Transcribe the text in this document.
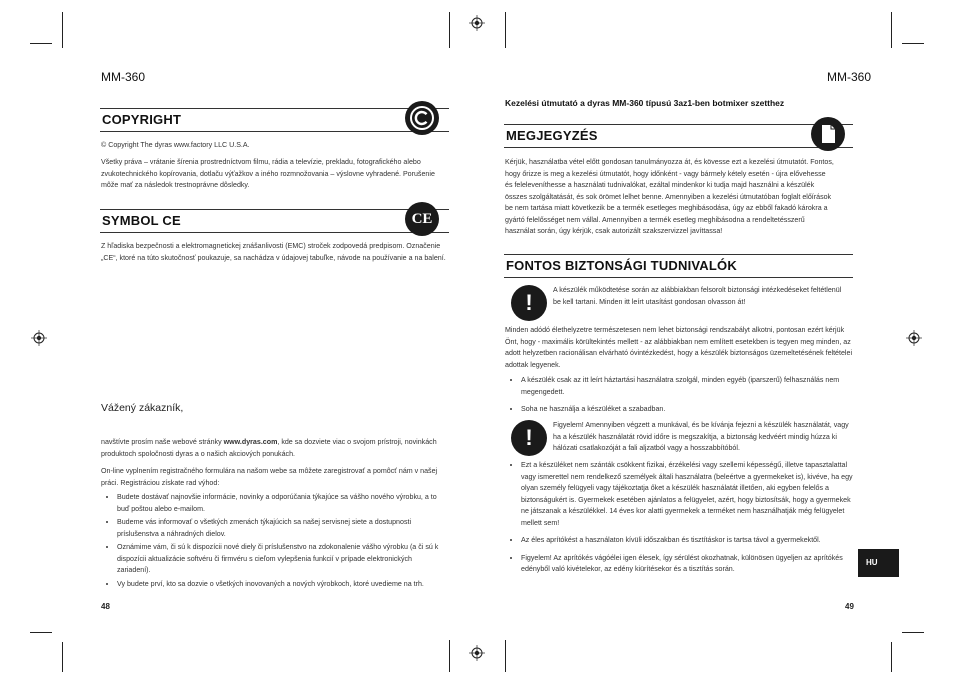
MM-360
COPYRIGHT

© Copyright The dyras www.factory LLC U.S.A.

Všetky práva – vrátanie šírenia prostredníctvom filmu, rádia a televízie, prekladu, fotografického alebo zvukotechnického kopírovania, dotlaču výťažkov a iného rozmnožovania – výslovne vyhradené. Porušenie môže mať za následok trestnoprávne dôsledky.

SYMBOL CE	CE

Z hľadiska bezpečnosti a elektromagnetickej znášanlivosti (EMC) stroček zodpovedá predpisom. Označenie „CE“, ktoré na túto skutočnosť poukazuje, sa nachádza v údajovej tabuľke, návode na používanie a na balení.

Vážený zákazník,

navštívte prosím naše webové stránky www.dyras.com, kde sa dozviete viac o svojom prístroji, novinkách produktoch spoločnosti dyras a o našich akciových ponukách.

On-line vyplnením registračného formulára na našom webe sa môžete zaregistrovať a pomôcť nám v našej práci. Registráciou získate rad výhod:

• Budete dostávať najnovšie informácie, novinky a odporúčania týkajúce sa vášho nového výrobku, a to buď poštou alebo e-mailom.
• Budeme vás informovať o všetkých zmenách týkajúcich sa našej servisnej siete a dostupnosti príslušenstva a náhradných dielov.
• Oznámime vám, či sú k dispozícii nové diely či príslušenstvo na zdokonalenie vášho výrobku (a či sú k dispozícii aktualizácie softvéru či firmvéru s cieľom vylepšenia funkcií v prípade elektronických zariadení).
• Vy budete prví, kto sa dozvie o všetkých inovovaných a nových výrobkoch, ktoré uvedieme na trh.
48
MM-360
Kezelési útmutató a dyras MM-360 típusú 3az1-ben botmixer szetthez
MEGJEGYZÉS

Kérjük, használatba vétel előtt gondosan tanulmányozza át, és kövesse ezt a kezelési útmutatót. Fontos, hogy őrizze is meg a kezelési útmutatót, hogy időnként - vagy bármely kétely esetén - újra elővehesse és feleleveníthesse a használati tudnivalókat, ezáltal mindenkor ki tudja majd használni a készülék összes szolgáltatását, és sok örömet lelhet benne. Amennyiben a kezelési útmutatóban foglalt előírások be nem tartása miatt következik be a termék esetleges meghibásodása, úgy az ebből fakadó károkra a gyártó felelősséget nem vállal. Amennyiben a termék esetleg meghibásodna a rendeltetésszerű használat során, úgy kérjük, csak autorizált szakszervizzel javíttassa!

FONTOS BIZTONSÁGI TUDNIVALÓK
!	A készülék működtetése során az alábbiakban felsorolt biztonsági intézkedéseket feltétlenül be kell tartani. Minden itt leírt utasítást gondosan olvasson át!

Minden adódó élethelyzetre természetesen nem lehet biztonsági rendszabályt alkotni, pontosan ezért kérjük Önt, hogy - maximális körültekintés mellett - az alábbiakban nem említett esetekben is tegyen meg minden, az adott helyzetben racionálisan elvárható óvintézkedést, hogy a készülék biztonságos üzemeltetésének feltételei adottak legyenek.

• A készülék csak az itt leírt háztartási használatra szolgál, minden egyéb (iparszerű) felhasználás nem megengedett.
• Soha ne használja a készüléket a szabadban.
!	Figyelem! Amennyiben végzett a munkával, és be kívánja fejezni a készülék használatát, vagy ha a készülék használatát rövid időre is megszakítja, a biztonság kedvéért mindig húzza ki hálózati csatlakozóját a fali aljzatból vagy a hosszabbítóból.

• Ezt a készüléket nem szánták csökkent fizikai, érzékelési vagy szellemi képességű, illetve tapasztalattal vagy ismerettel nem rendelkező személyek általi használatra (beleértve a gyermekeket is), kivéve, ha egy olyan személy felügyeli vagy tájékoztatja őket a készülék használatát illetően, aki egyben felelős a biztonságukért is. Gyermekek esetében ajánlatos a felügyelet, azért, hogy biztosítsák, hogy a gyermekek ne játszanak a készülékkel. 14 éves kor alatti gyermekek a terméket nem használhatják még felügyelet mellett sem!
• Az éles aprítókést a használaton kívüli időszakban és tisztításkor is tartsa távol a gyermekektől.
• Figyelem! Az aprítókés vágóélei igen élesek, így sérülést okozhatnak, különösen ügyeljen az aprítókés edényből való kivételekor, az edény kiürítésekor és a tisztítás során.
49
HU
